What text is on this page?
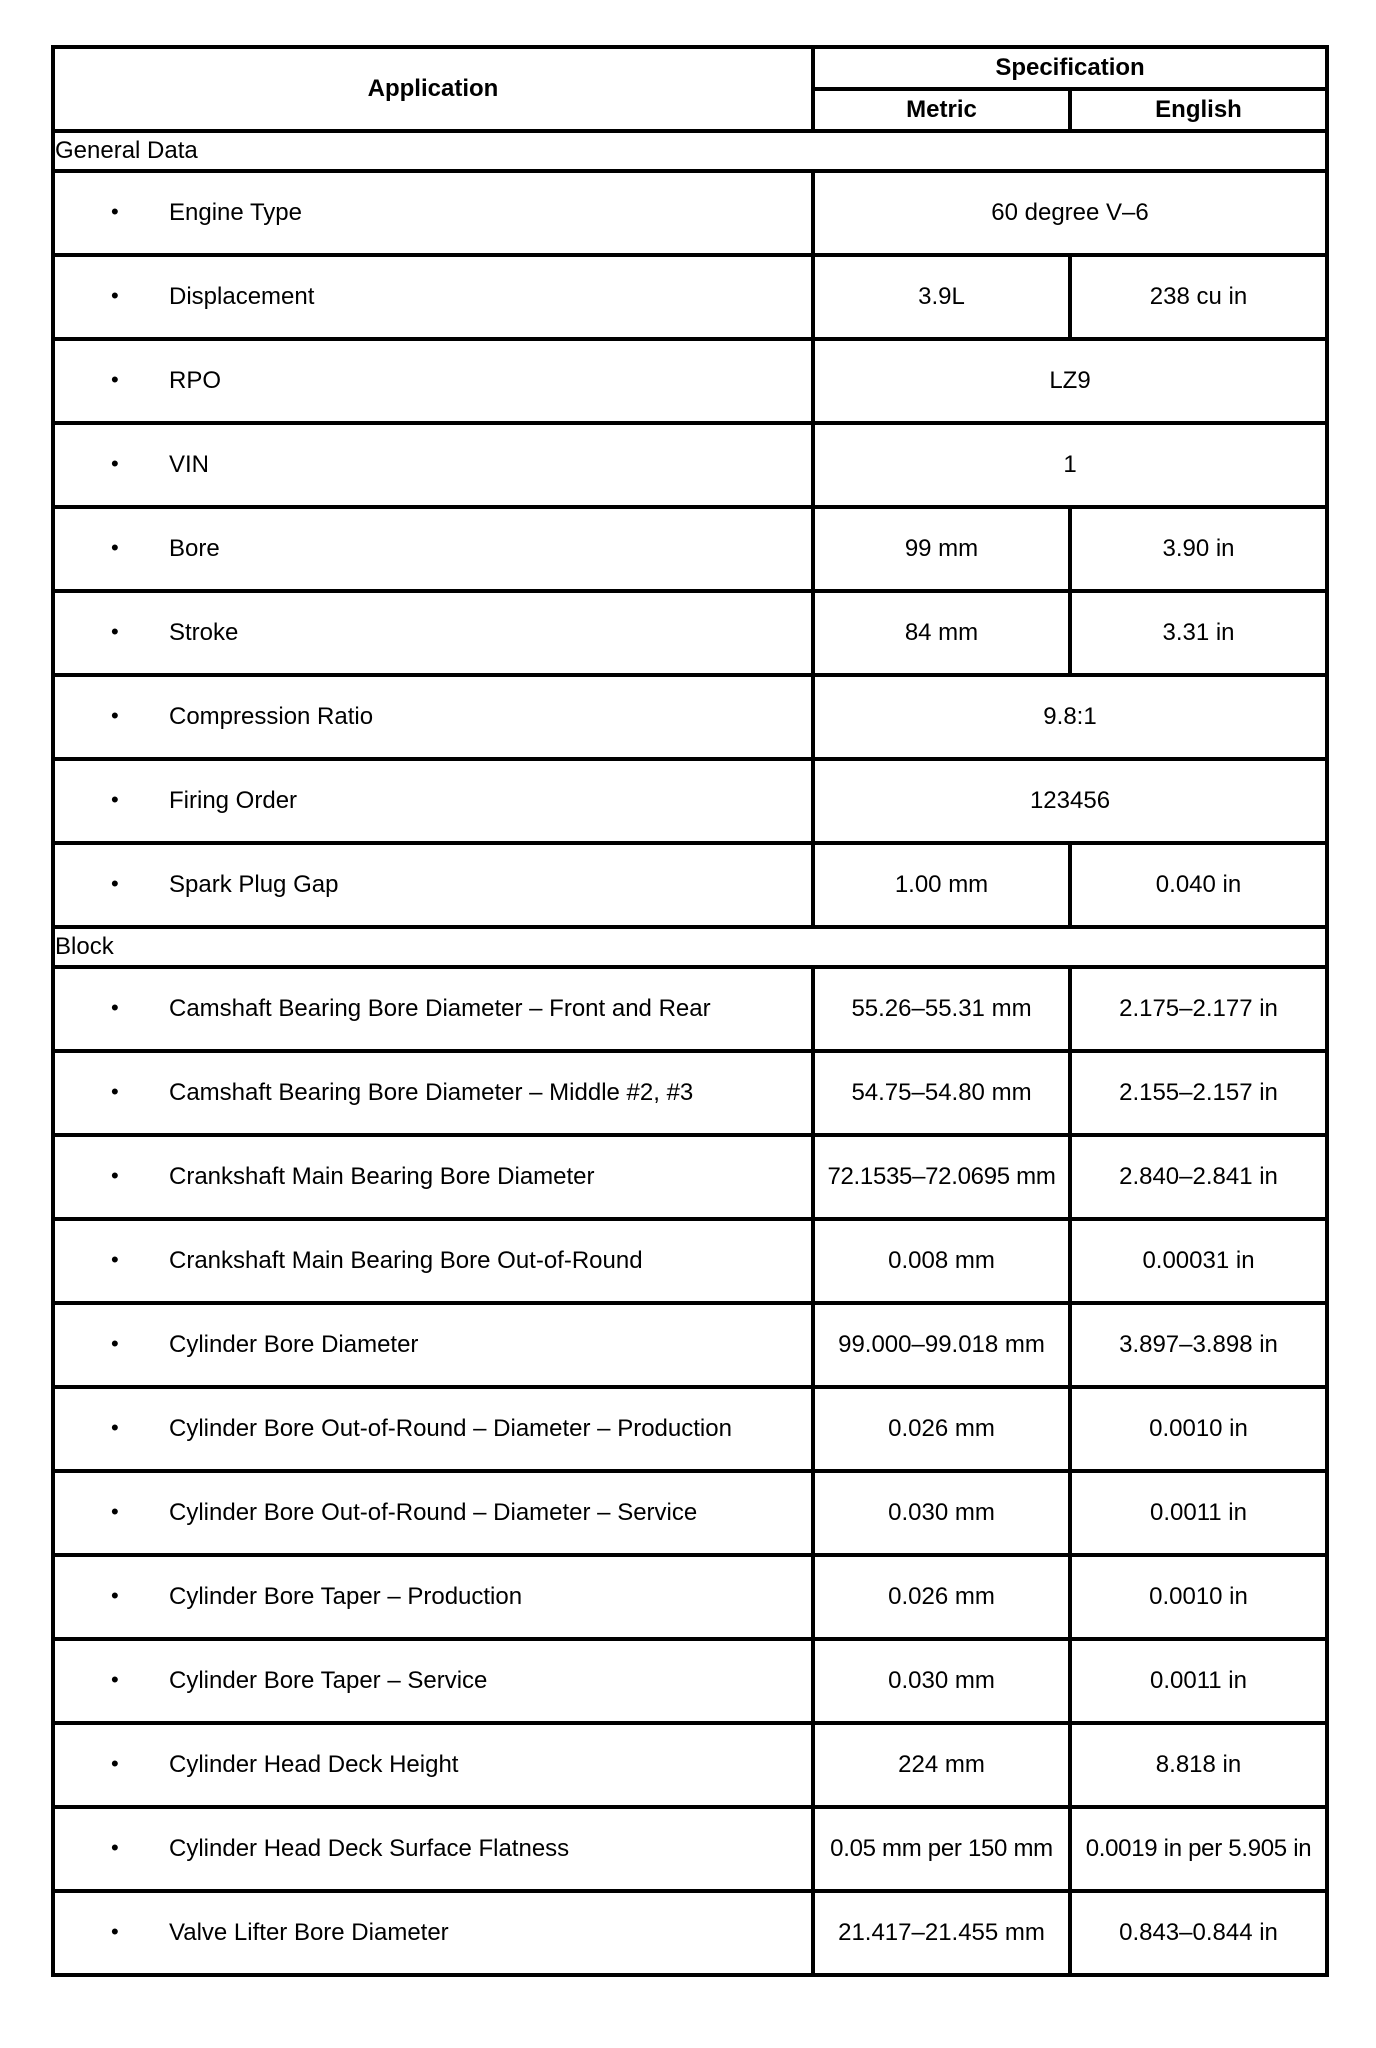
Application	Specification	
	Metric	English
General Data		

• Engine Type	60 degree V–6	

• Displacement	3.9L	238 cu in

• RPO	LZ9	

• VIN	1	

• Bore	99 mm	3.90 in

• Stroke	84 mm	3.31 in

• Compression Ratio	9.8:1	

• Firing Order	123456	

• Spark Plug Gap	1.00 mm	0.040 in
Block		

• Camshaft Bearing Bore Diameter – Front and Rear	55.26–55.31 mm	2.175–2.177 in

• Camshaft Bearing Bore Diameter – Middle #2, #3	54.75–54.80 mm	2.155–2.157 in

• Crankshaft Main Bearing Bore Diameter	72.1535–72.0695 mm	2.840–2.841 in

• Crankshaft Main Bearing Bore Out-of-Round	0.008 mm	0.00031 in

• Cylinder Bore Diameter	99.000–99.018 mm	3.897–3.898 in

• Cylinder Bore Out-of-Round – Diameter – Production	0.026 mm	0.0010 in

• Cylinder Bore Out-of-Round – Diameter – Service	0.030 mm	0.0011 in

• Cylinder Bore Taper – Production	0.026 mm	0.0010 in

• Cylinder Bore Taper – Service	0.030 mm	0.0011 in

• Cylinder Head Deck Height	224 mm	8.818 in

• Cylinder Head Deck Surface Flatness	0.05 mm per 150 mm	0.0019 in per 5.905 in

• Valve Lifter Bore Diameter	21.417–21.455 mm	0.843–0.844 in
